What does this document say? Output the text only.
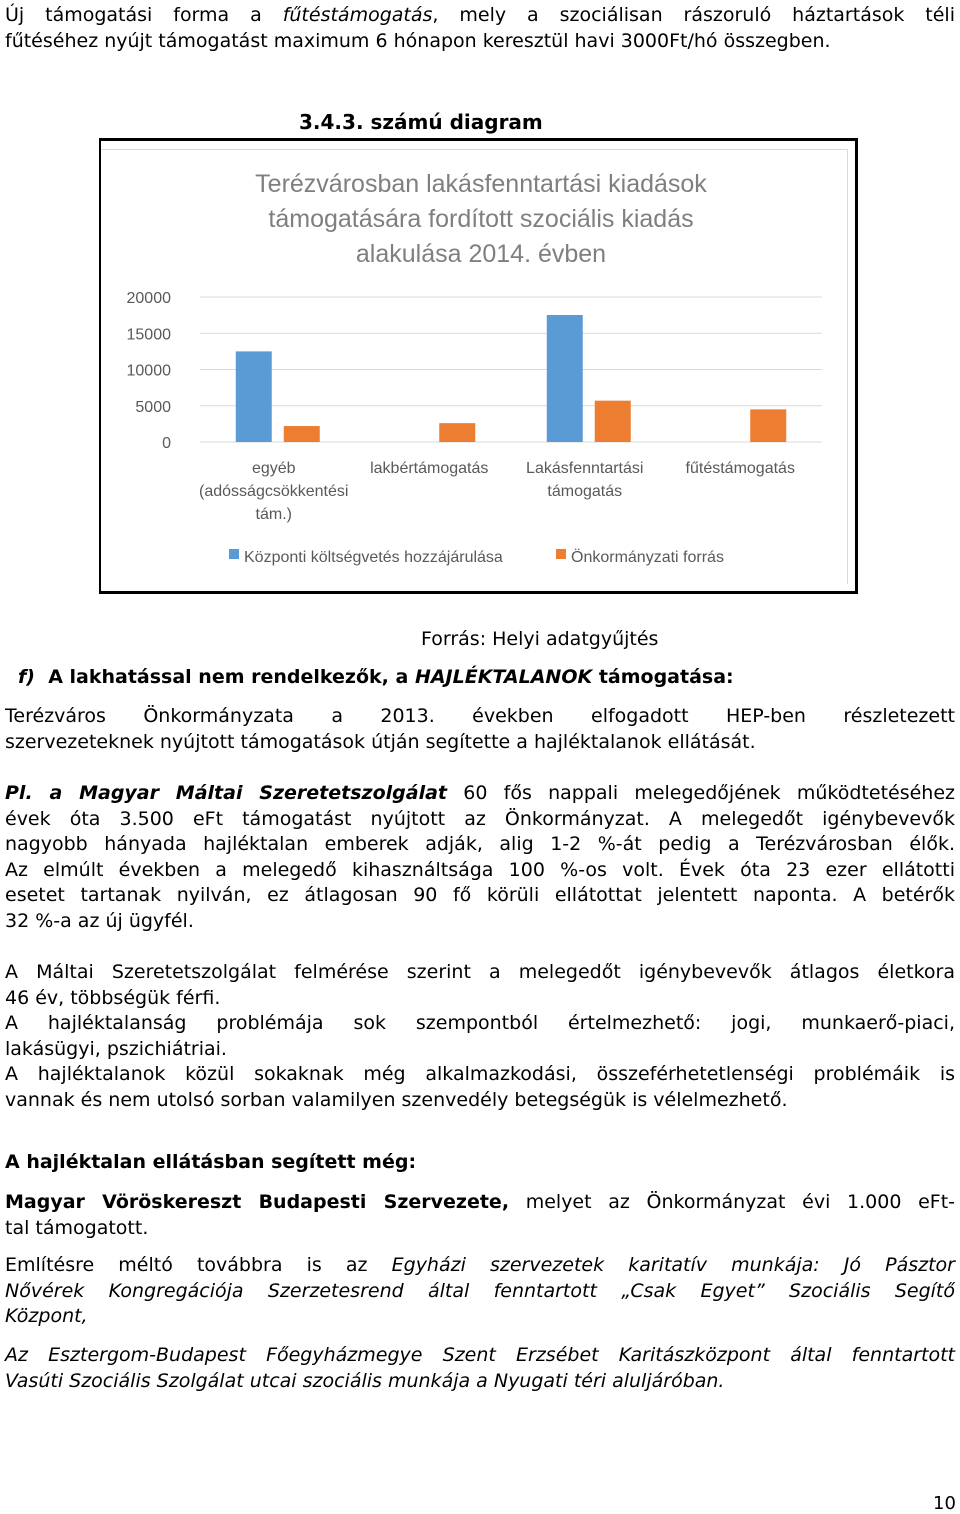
Új támogatási forma a fűtéstámogatás, mely a szociálisan rászoruló háztartások téli

fűtéséhez nyújt támogatást maximum 6 hónapon keresztül havi 3000Ft/hó összegben.

3.4.3. számú diagram
Terézvárosban lakásfenntartási kiadások
támogatására fordított szociális kiadás
alakulása 2014. évben
0
5000
10000
15000
20000
egyéb
(adósságcsökkentési
tám.)
lakbértámogatás Lakásfenntartási
támogatás
fűtéstámogatás
Központi költségvetés hozzájárulása	Önkormányzati forrás
Forrás: Helyi adatgyűjtés
f) A lakhatással nem rendelkezők, a HAJLÉKTALANOK támogatása:

Terézváros Önkormányzata a 2013. években elfogadott HEP-ben részletezett

szervezeteknek nyújtott támogatások útján segítette a hajléktalanok ellátását.

Pl. a Magyar Máltai Szeretetszolgálat 60 fős nappali melegedőjének működtetéséhez

évek óta 3.500 eFt támogatást nyújtott az Önkormányzat. A melegedőt igénybevevők

nagyobb hányada hajléktalan emberek adják, alig 1-2 %-át pedig a Terézvárosban élők.

Az elmúlt években a melegedő kihasználtsága 100 %-os volt. Évek óta 23 ezer ellátotti

esetet tartanak nyilván, ez átlagosan 90 fő körüli ellátottat jelentett naponta. A betérők

32 %-a az új ügyfél.

A Máltai Szeretetszolgálat felmérése szerint a melegedőt igénybevevők átlagos életkora

46 év, többségük férfi.

A hajléktalanság problémája sok szempontból értelmezhető: jogi, munkaerő-piaci,

lakásügyi, pszichiátriai.

A hajléktalanok közül sokaknak még alkalmazkodási, összeférhetetlenségi problémáik is

vannak és nem utolsó sorban valamilyen szenvedély betegségük is vélelmezhető.

A hajléktalan ellátásban segített még:

Magyar Vöröskereszt Budapesti Szervezete, melyet az Önkormányzat évi 1.000 eFt-

tal támogatott.

Említésre méltó továbbra is az Egyházi szervezetek karitatív munkája: Jó Pásztor

Nővérek Kongregációja Szerzetesrend által fenntartott „Csak Egyet” Szociális Segítő

Központ,

Az Esztergom-Budapest Főegyházmegye Szent Erzsébet Karitászközpont által fenntartott

Vasúti Szociális Szolgálat utcai szociális munkája a Nyugati téri aluljáróban.

10
